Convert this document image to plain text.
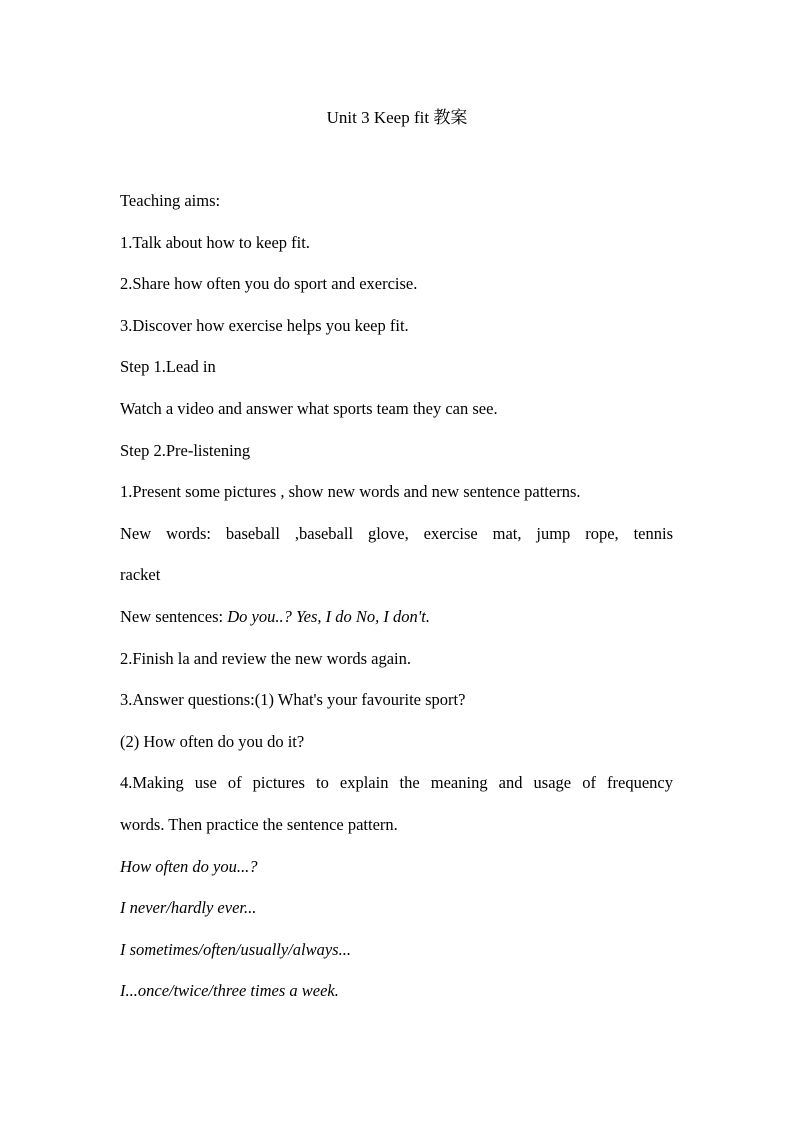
Unit 3 Keep fit 教案
Teaching aims:
1.Talk about how to keep fit.
2.Share how often you do sport and exercise.
3.Discover how exercise helps you keep fit.
Step 1.Lead in
Watch a video and answer what sports team they can see.
Step 2.Pre-listening
1.Present some pictures , show new words and new sentence patterns.
New words: baseball ,baseball glove, exercise mat, jump rope, tennis
racket
New sentences: Do you..? Yes, I do No, I don't.
2.Finish la and review the new words again.
3.Answer questions:(1) What's your favourite sport?
(2) How often do you do it?
4.Making use of pictures to explain the meaning and usage of frequency
words. Then practice the sentence pattern.
How often do you...?
I never/hardly ever...
I sometimes/often/usually/always...
I...once/twice/three times a week.
